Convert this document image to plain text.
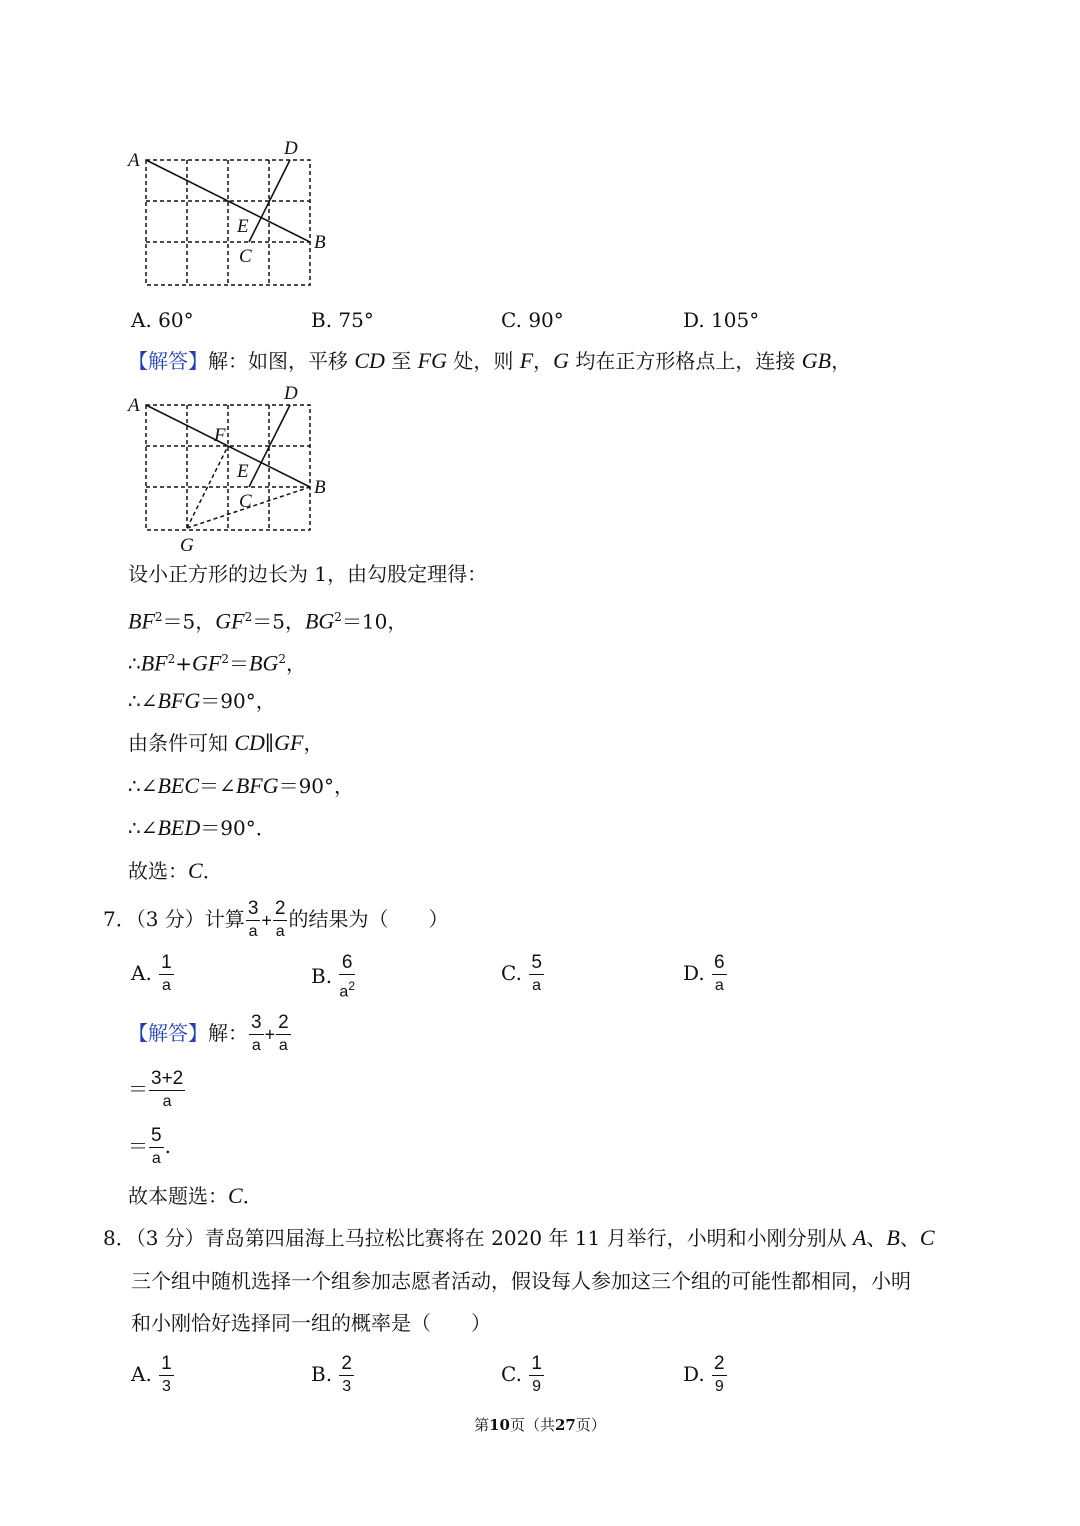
A
B
C
D
E
A. 60°	B. 75°	C. 90°	D. 105°
A
B
C
D
E
F
G
【解答】解：如图，平移 CD 至 FG 处，则 F，G 均在正方形格点上，连接 GB，
设小正方形的边长为 1，由勾股定理得：
$BF^2=5$，$GF^2=5$，$BG^2=10$，
$\therefore BF^2+GF^2=BG^2$，
∴∠BFG＝90°，
由条件可知 CD∥GF，
∴∠BEC＝∠BFG＝90°，
∴∠BED＝90°．
故选：C．
故本题选：C．
8．（3 分）青岛第四届海上马拉松比赛将在 2020 年 11 月举行，小明和小刚分别从 A、B、C
三个组中随机选择一个组参加志愿者活动，假设每人参加这三个组的可能性都相同，小明
和小刚恰好选择同一组的概率是（　　）
7．（3 分）计算 $\frac{3}{a} + \frac{2}{a}$ 的结果为（　　）
A. $\frac{1}{a}$	B. $\frac{6}{a^2}$	C. $\frac{5}{a}$	D. $\frac{6}{a}$
【解答】解： $\frac{3}{a} + \frac{2}{a}$
＝ $\frac{3+2}{a}$
＝ $\frac{5}{a}$ .
A. $\frac{1}{3}$	B. $\frac{2}{3}$	C. $\frac{1}{9}$	D. $\frac{2}{9}$
第10页（共27页）
